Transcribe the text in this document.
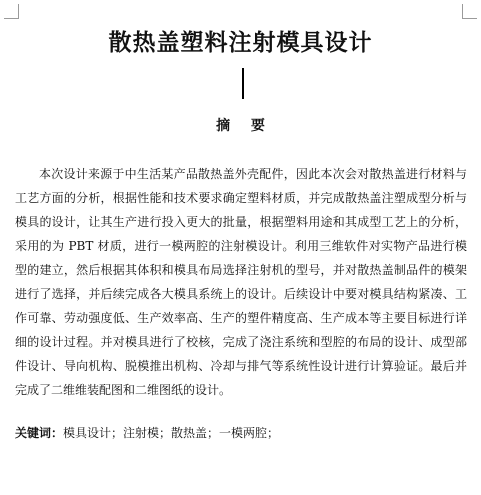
散热盖塑料注射模具设计
摘 要

本次设计来源于中生活某产品散热盖外壳配件，因此本次会对散热盖进行材料与工艺方面的分析，根据性能和技术要求确定塑料材质，并完成散热盖注塑成型分析与模具的设计，让其生产进行投入更大的批量，根据塑料用途和其成型工艺上的分析，采用的为 PBT 材质，进行一模两腔的注射模设计。利用三维软件对实物产品进行模型的建立，然后根据其体积和模具布局选择注射机的型号，并对散热盖制品件的模架进行了选择，并后续完成各大模具系统上的设计。后续设计中要对模具结构紧凑、工作可靠、劳动强度低、生产效率高、生产的塑件精度高、生产成本等主要目标进行详细的设计过程。并对模具进行了校核，完成了浇注系统和型腔的布局的设计、成型部件设计、导向机构、脱模推出机构、冷却与排气等系统性设计进行计算验证。最后并完成了二维维装配图和二维图纸的设计。

关键词：模具设计；注射模；散热盖；一模两腔；
